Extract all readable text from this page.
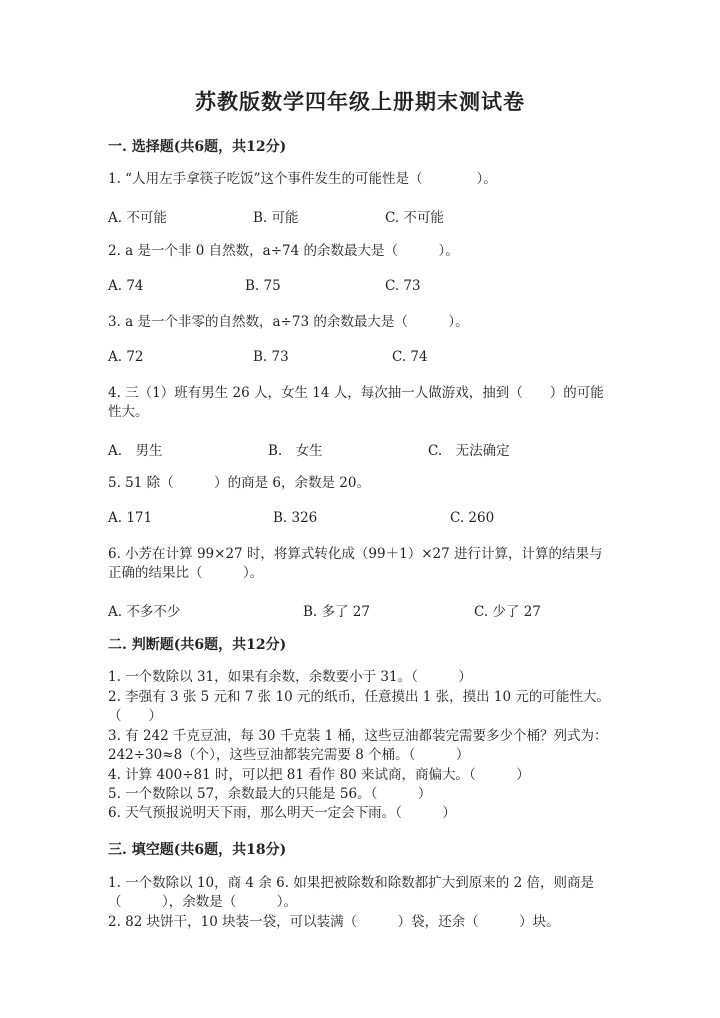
苏教版数学四年级上册期末测试卷
一. 选择题(共6题，共12分)
1. “人用左手拿筷子吃饭”这个事件发生的可能性是（　　　　）。
A. 不可能	B. 可能	C. 不可能
2. a 是一个非 0 自然数，a÷74 的余数最大是（　　　）。
A. 74	B. 75	C. 73
3. a 是一个非零的自然数，a÷73 的余数最大是（　　　）。
A. 72	B. 73	C. 74
4. 三（1）班有男生 26 人，女生 14 人，每次抽一人做游戏，抽到（　　）的可能性大。
A.　男生	B.　女生	C.　无法确定
5. 51 除（　　　）的商是 6，余数是 20。
A. 171	B. 326	C. 260
6. 小芳在计算 99×27 时，将算式转化成（99＋1）×27 进行计算，计算的结果与正确的结果比（　　　）。
A. 不多不少	B. 多了 27	C. 少了 27
二. 判断题(共6题，共12分)
1. 一个数除以 31，如果有余数，余数要小于 31。（　　　）
2. 李强有 3 张 5 元和 7 张 10 元的纸币，任意摸出 1 张，摸出 10 元的可能性大。　　（　　）
3. 有 242 千克豆油，每 30 千克装 1 桶，这些豆油都装完需要多少个桶？列式为：242÷30≈8（个），这些豆油都装完需要 8 个桶。（　　　）
4. 计算 400÷81 时，可以把 81 看作 80 来试商，商偏大。（　　　）
5. 一个数除以 57，余数最大的只能是 56。（　　　）
6. 天气预报说明天下雨，那么明天一定会下雨。（　　　）
三. 填空题(共6题，共18分)
1. 一个数除以 10，商 4 余 6. 如果把被除数和除数都扩大到原来的 2 倍，则商是（　　　），余数是（　　　）。
2. 82 块饼干，10 块装一袋，可以装满（　　　）袋，还余（　　　）块。
